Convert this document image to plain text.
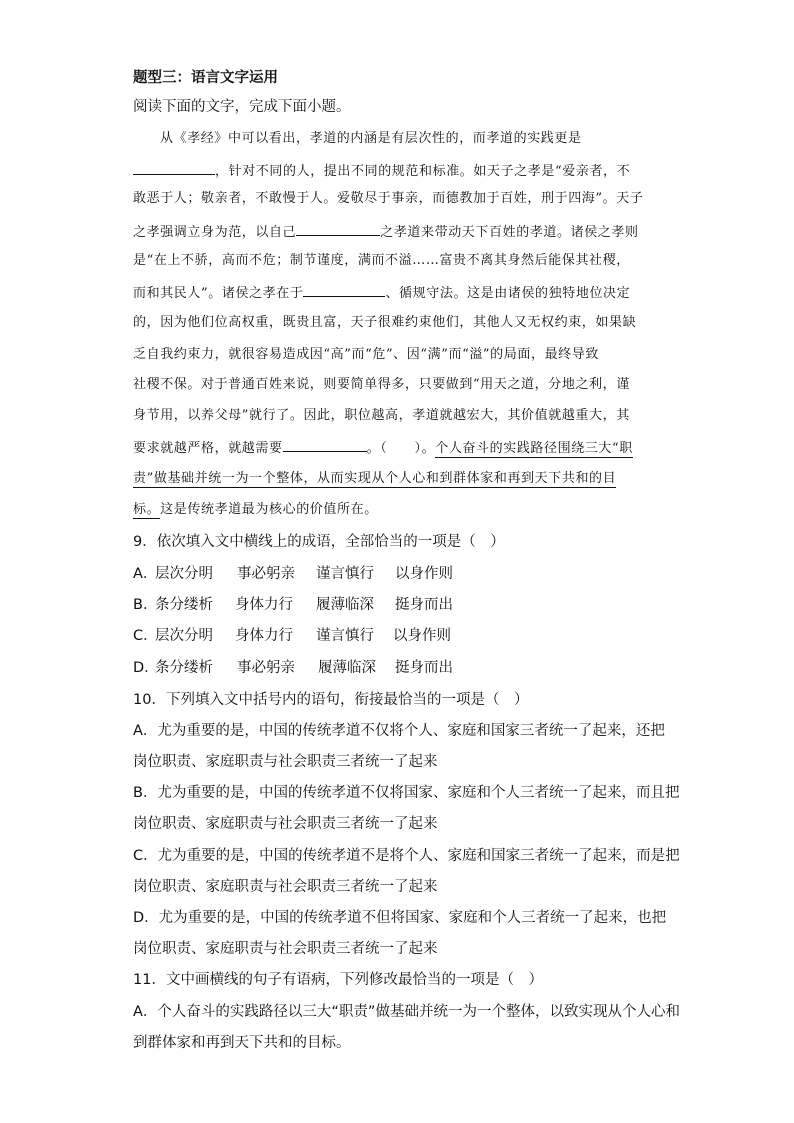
题型三：语言文字运用
阅读下面的文字，完成下面小题。
从《孝经》中可以看出，孝道的内涵是有层次性的，而孝道的实践更是
，针对不同的人，提出不同的规范和标准。如天子之孝是“爱亲者，不
敢恶于人；敬亲者，不敢慢于人。爱敬尽于事亲，而德教加于百姓，刑于四海”。天子
之孝强调立身为范，以自己	之孝道来带动天下百姓的孝道。诸侯之孝则
是“在上不骄，高而不危；制节谨度，满而不溢……富贵不离其身然后能保其社稷，
而和其民人”。诸侯之孝在于	、循规守法。这是由诸侯的独特地位决定
的，因为他们位高权重，既贵且富，天子很难约束他们，其他人又无权约束，如果缺
乏自我约束力，就很容易造成因“高”而“危”、因“满”而“溢”的局面，最终导致
社稷不保。对于普通百姓来说，则要简单得多，只要做到“用天之道，分地之利，谨
身节用，以养父母”就行了。因此，职位越高，孝道就越宏大，其价值就越重大，其
要求就越严格，就越需要	。（　　）。个人奋斗的实践路径围绕三大“职
责”做基础并统一为一个整体，从而实现从个人心和到群体家和再到天下共和的目
标。这是传统孝道最为核心的价值所在。
9．依次填入文中横线上的成语，全部恰当的一项是（　）
A．
层次分明 事必躬亲 谨言慎行 以身作则
B．
条分缕析 身体力行 履薄临深 挺身而出
C．
层次分明 身体力行 谨言慎行 以身作则
D．
条分缕析 事必躬亲 履薄临深 挺身而出
10．下列填入文中括号内的语句，衔接最恰当的一项是（　）
A．尤为重要的是，中国的传统孝道不仅将个人、家庭和国家三者统一了起来，还把
岗位职责、家庭职责与社会职责三者统一了起来
B．尤为重要的是，中国的传统孝道不仅将国家、家庭和个人三者统一了起来，而且把
岗位职责、家庭职责与社会职责三者统一了起来
C．尤为重要的是，中国的传统孝道不是将个人、家庭和国家三者统一了起来，而是把
岗位职责、家庭职责与社会职责三者统一了起来
D．尤为重要的是，中国的传统孝道不但将国家、家庭和个人三者统一了起来，也把
岗位职责、家庭职责与社会职责三者统一了起来
11．文中画横线的句子有语病，下列修改最恰当的一项是（　）
A．个人奋斗的实践路径以三大“职责”做基础并统一为一个整体，以致实现从个人心和
到群体家和再到天下共和的目标。
